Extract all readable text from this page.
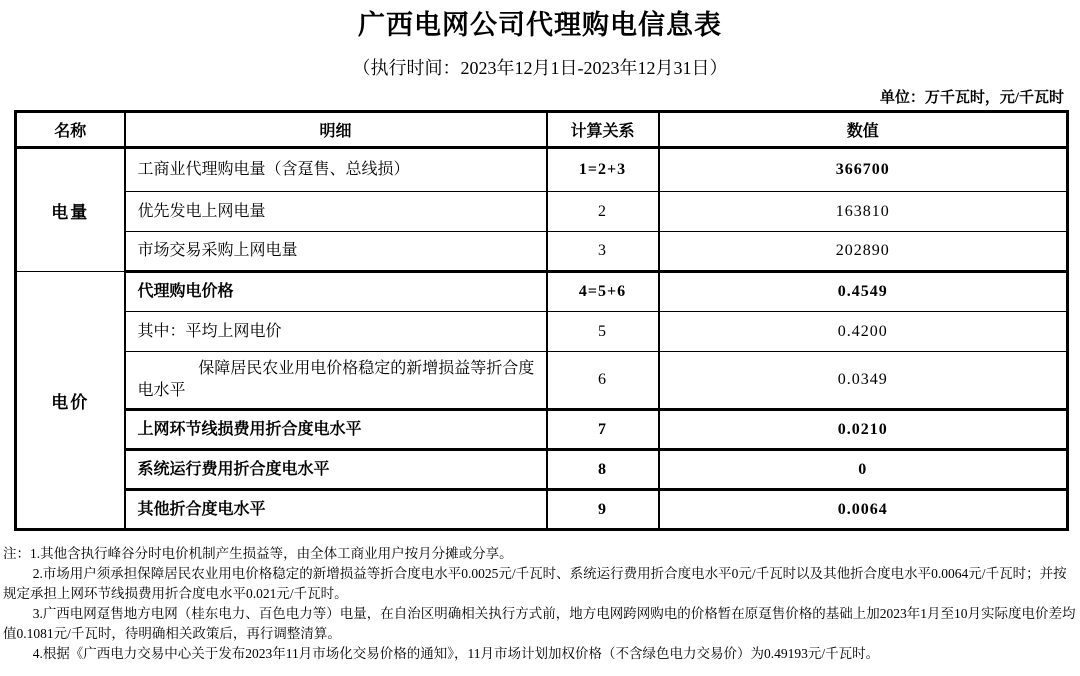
广西电网公司代理购电信息表
（执行时间：2023年12月1日-2023年12月31日）
单位：万千瓦时，元/千瓦时
名称	明细	计算关系	数值
电量	工商业代理购电量（含趸售、总线损）	1=2+3	366700
	优先发电上网电量	2	163810
	市场交易采购上网电量	3	202890
电价	代理购电价格	4=5+6	0.4549
	其中：平均上网电价	5	0.4200
	保障居民农业用电价格稳定的新增损益等折合度电水平	6	0.0349
	上网环节线损费用折合度电水平	7	0.0210
	系统运行费用折合度电水平	8	0
	其他折合度电水平	9	0.0064
注：1.其他含执行峰谷分时电价机制产生损益等，由全体工商业用户按月分摊或分享。
2.市场用户须承担保障居民农业用电价格稳定的新增损益等折合度电水平0.0025元/千瓦时、系统运行费用折合度电水平0元/千瓦时以及其他折合度电水平0.0064元/千瓦时；并按规定承担上网环节线损费用折合度电水平0.021元/千瓦时。
3.广西电网趸售地方电网（桂东电力、百色电力等）电量，在自治区明确相关执行方式前，地方电网跨网购电的价格暂在原趸售价格的基础上加2023年1月至10月实际度电价差均值0.1081元/千瓦时，待明确相关政策后，再行调整清算。
4.根据《广西电力交易中心关于发布2023年11月市场化交易价格的通知》，11月市场计划加权价格（不含绿色电力交易价）为0.49193元/千瓦时。
